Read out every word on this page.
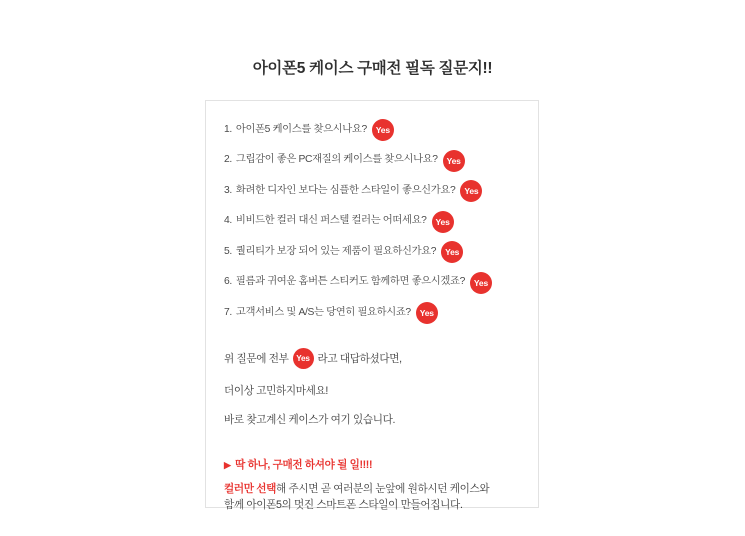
아이폰5 케이스 구매전 필독 질문지!!
1. 아이폰5 케이스를 찾으시나요?	Yes
2. 그립감이 좋은 PC재질의 케이스를 찾으시나요?	Yes
3. 화려한 디자인 보다는 심플한 스타일이 좋으신가요?	Yes
4. 비비드한 컬러 대신 퍼스텔 컬러는 어떠세요?	Yes
5. 퀄리티가 보장 되어 있는 제품이 필요하신가요?	Yes
6. 필름과 귀여운 홈버튼 스티커도 함께하면 좋으시겠죠?	Yes
7. 고객서비스 및 A/S는 당연히 필요하시죠?	Yes
위 질문에 전부 Yes 라고 대답하셨다면,
더이상 고민하지마세요!
바로 찾고계신 케이스가 여기 있습니다.
▶ 딱 하나, 구매전 하셔야 될 일!!!!
컬러만 선택해 주시면 곧 여러분의 눈앞에 원하시던 케이스와
함께 아이폰5의 멋진 스마트폰 스타일이 만들어집니다.
